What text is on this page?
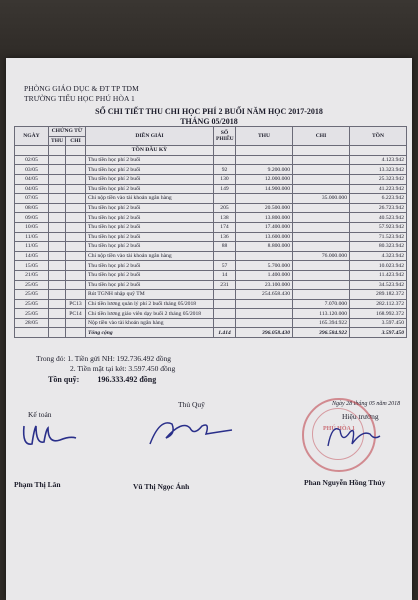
PHÒNG GIÁO DỤC & ĐT TP TDM
TRƯỜNG TIỂU HỌC PHÚ HÒA 1
SỔ CHI TIẾT THU CHI HỌC PHÍ 2 BUỔI NĂM HỌC 2017-2018
THÁNG 05/2018
NGÀY	CHỨNG TỪ		DIỄN GIẢI	SỐ PHIẾU	THU	CHI	TỒN
	THU	CHI					
			TỒN ĐẦU KỲ				
02/05			Thu tiền học phí 2 buổi				4.123.942
03/05			Thu tiền học phí 2 buổi	92	9.200.000		13.323.942
04/05			Thu tiền học phí 2 buổi	130	12.000.000		25.323.942
04/05			Thu tiền học phí 2 buổi	149	14.900.000		41.223.942
07/05			Chi nộp tiền vào tài khoản ngân hàng			35.000.000	6.223.942
08/05			Thu tiền học phí 2 buổi	205	20.500.000		26.723.942
09/05			Thu tiền học phí 2 buổi	138	13.800.000		40.523.942
10/05			Thu tiền học phí 2 buổi	174	17.400.000		57.923.942
11/05			Thu tiền học phí 2 buổi	136	13.600.000		71.523.942
11/05			Thu tiền học phí 2 buổi	88	8.800.000		80.323.942
14/05			Chi nộp tiền vào tài khoản ngân hàng			76.000.000	4.323.942
15/05			Thu tiền học phí 2 buổi	57	5.700.000		10.023.942
21/05			Thu tiền học phí 2 buổi	14	1.400.000		11.423.942
25/05			Thu tiền học phí 2 buổi	231	23.100.000		34.523.942
25/05			Rút TGNH nhập quỹ TM		254.658.430		289.182.372
25/05		PC13	Chi tiền lương quản lý phí 2 buổi tháng 05/2018			7.070.000	282.112.372
25/05		PC14	Chi tiền lương giáo viên dạy buổi 2 tháng 05/2018			113.120.000	168.992.372
28/05			Nộp tiền vào tài khoản ngân hàng			165.394.922	3.597.450
			Tổng cộng	1.414	396.058.430	396.584.922	3.597.450
Trong đó: 1. Tiền gửi NH: 192.736.492 đồng
2. Tiền mặt tại két: 3.597.450 đồng
Tồn quỹ: 196.333.492 đồng
Ngày 28 tháng 05 năm 2018
Kế toán
Thủ Quỹ
Hiệu trưởng
PHÚ HÒA 1
Phạm Thị Lân	Vũ Thị Ngọc Ánh	Phan Nguyễn Hồng Thủy
